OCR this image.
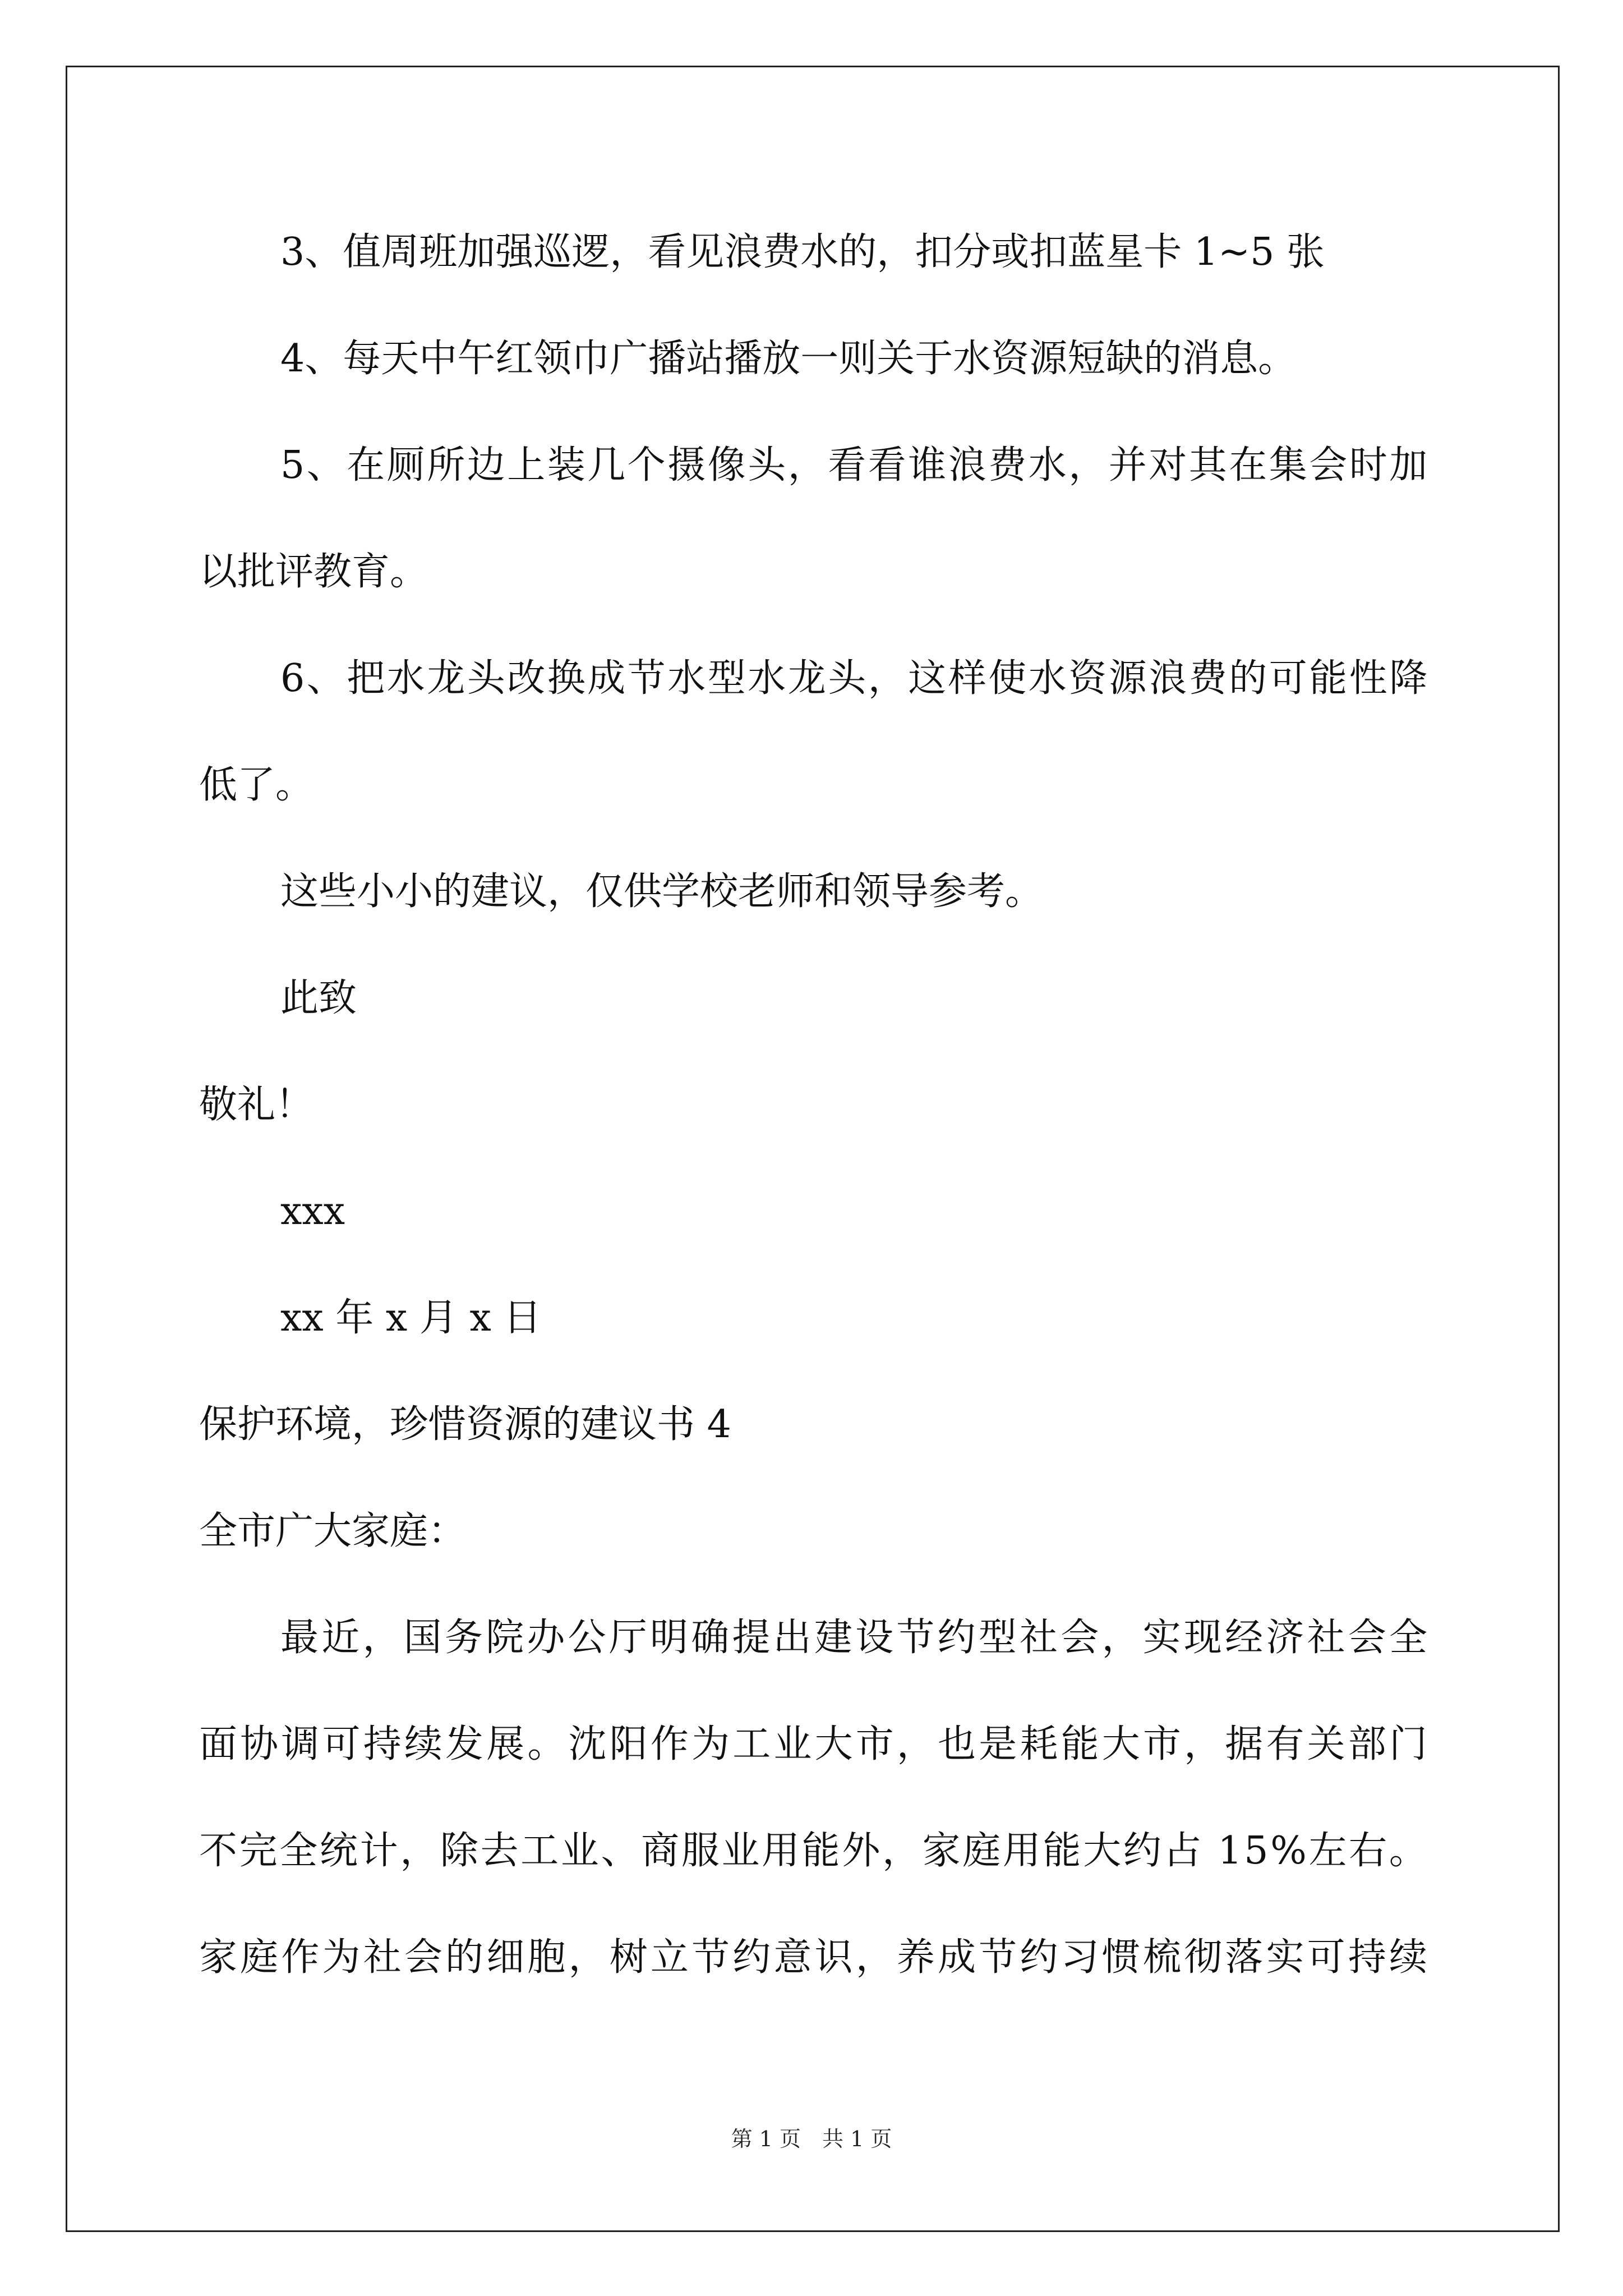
3、值周班加强巡逻，看见浪费水的，扣分或扣蓝星卡 1~5 张
4、每天中午红领巾广播站播放一则关于水资源短缺的消息。
5、在厕所边上装几个摄像头，看看谁浪费水，并对其在集会时加
以批评教育。
6、把水龙头改换成节水型水龙头，这样使水资源浪费的可能性降
低了。
这些小小的建议，仅供学校老师和领导参考。
此致
敬礼！
xxx
xx 年 x 月 x 日
保护环境，珍惜资源的建议书 4
全市广大家庭：
最近，国务院办公厅明确提出建设节约型社会，实现经济社会全
面协调可持续发展。沈阳作为工业大市，也是耗能大市，据有关部门
不完全统计，除去工业、商服业用能外，家庭用能大约占 15%左右。
家庭作为社会的细胞，树立节约意识，养成节约习惯梳彻落实可持续
第 1 页　共 1 页
